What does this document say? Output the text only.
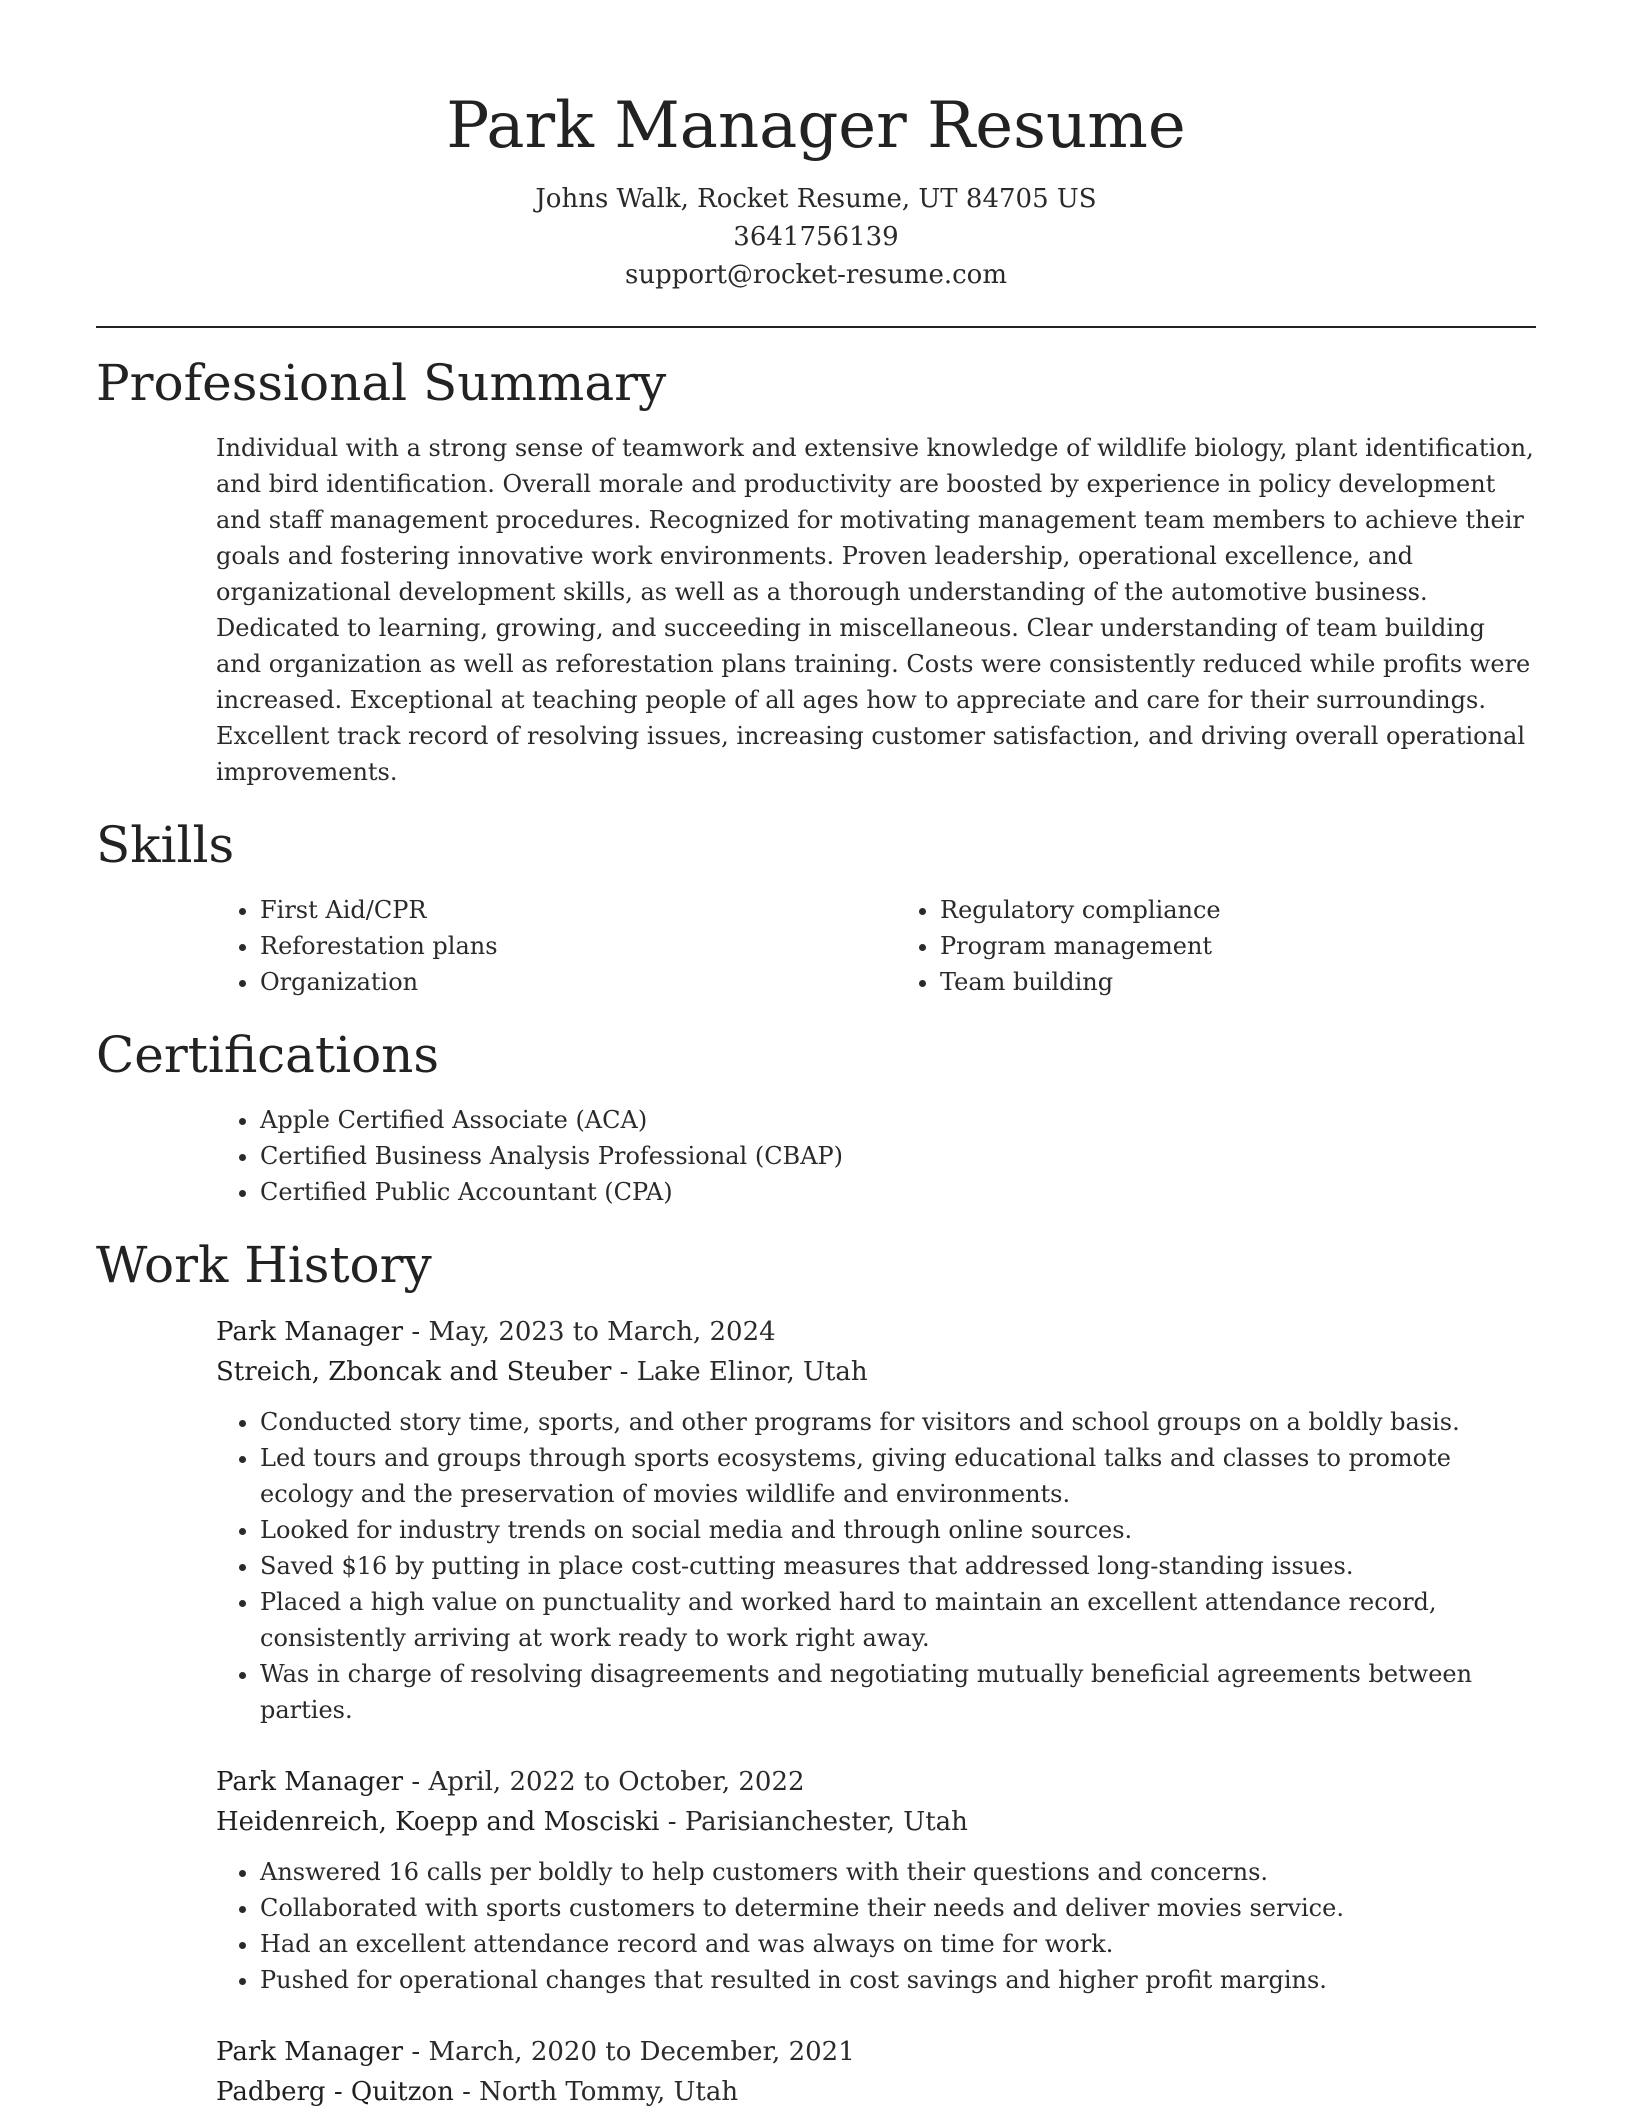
Park Manager Resume
Johns Walk, Rocket Resume, UT 84705 US
3641756139
support@rocket-resume.com
Professional Summary

Individual with a strong sense of teamwork and extensive knowledge of wildlife biology, plant identification, and bird identification. Overall morale and productivity are boosted by experience in policy development and staff management procedures. Recognized for motivating management team members to achieve their goals and fostering innovative work environments. Proven leadership, operational excellence, and organizational development skills, as well as a thorough understanding of the automotive business. Dedicated to learning, growing, and succeeding in miscellaneous. Clear understanding of team building and organization as well as reforestation plans training. Costs were consistently reduced while profits were increased. Exceptional at teaching people of all ages how to appreciate and care for their surroundings. Excellent track record of resolving issues, increasing customer satisfaction, and driving overall operational improvements.

Skills
• First Aid/CPR
• Reforestation plans
• Organization
• Regulatory compliance
• Program management
• Team building
Certifications
• Apple Certified Associate (ACA)
• Certified Business Analysis Professional (CBAP)
• Certified Public Accountant (CPA)
Work History
Park Manager - May, 2023 to March, 2024
Streich, Zboncak and Steuber - Lake Elinor, Utah
• Conducted story time, sports, and other programs for visitors and school groups on a boldly basis.
• Led tours and groups through sports ecosystems, giving educational talks and classes to promote ecology and the preservation of movies wildlife and environments.
• Looked for industry trends on social media and through online sources.
• Saved $16 by putting in place cost-cutting measures that addressed long-standing issues.
• Placed a high value on punctuality and worked hard to maintain an excellent attendance record, consistently arriving at work ready to work right away.
• Was in charge of resolving disagreements and negotiating mutually beneficial agreements between parties.
Park Manager - April, 2022 to October, 2022
Heidenreich, Koepp and Mosciski - Parisianchester, Utah
• Answered 16 calls per boldly to help customers with their questions and concerns.
• Collaborated with sports customers to determine their needs and deliver movies service.
• Had an excellent attendance record and was always on time for work.
• Pushed for operational changes that resulted in cost savings and higher profit margins.
Park Manager - March, 2020 to December, 2021
Padberg - Quitzon - North Tommy, Utah
